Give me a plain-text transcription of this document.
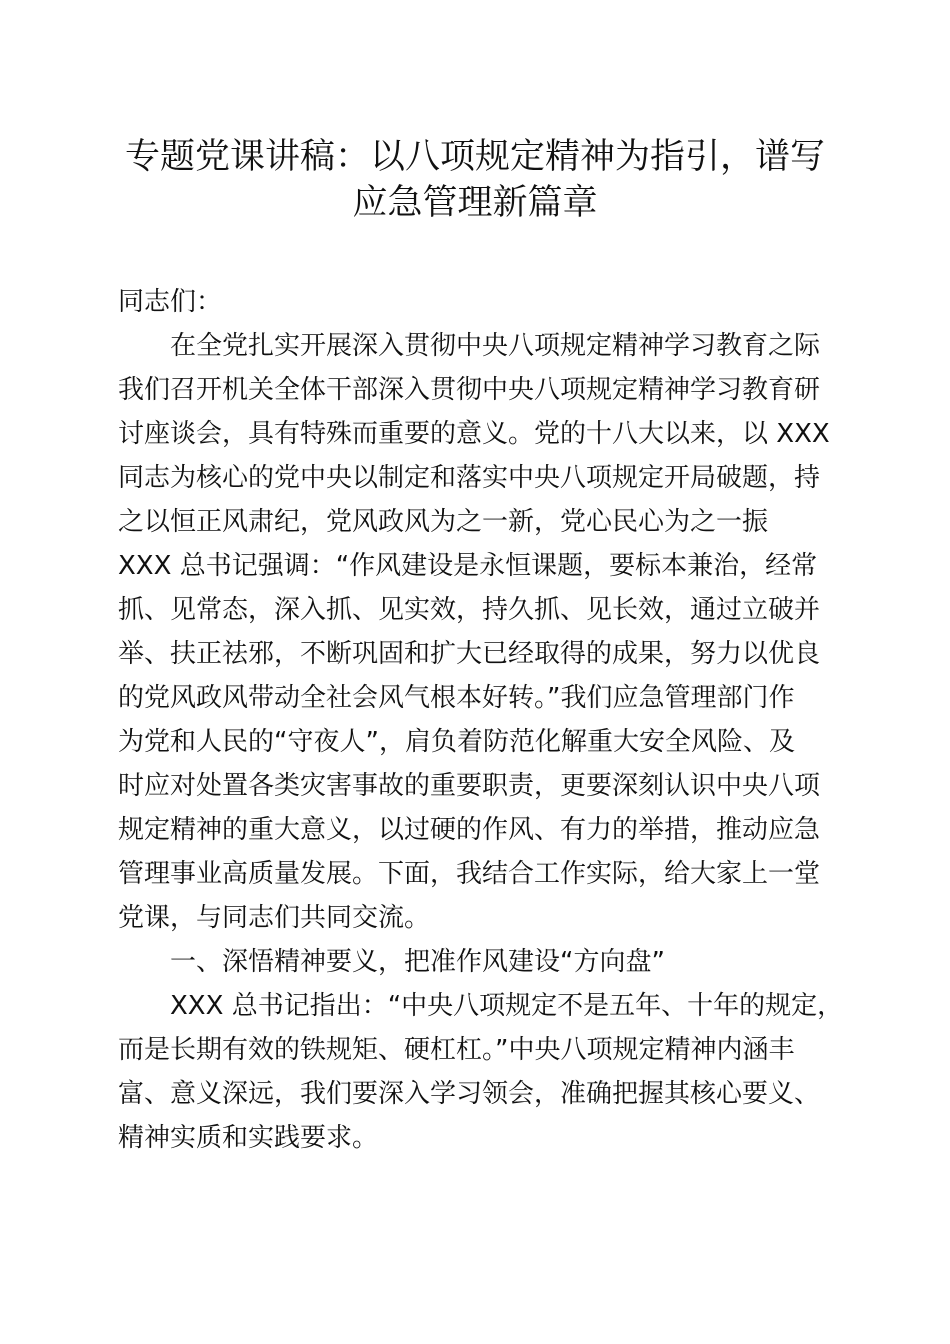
专题党课讲稿：以八项规定精神为指引，谱写
应急管理新篇章
同志们：
在全党扎实开展深入贯彻中央八项规定精神学习教育之际
我们召开机关全体干部深入贯彻中央八项规定精神学习教育研
讨座谈会，具有特殊而重要的意义。党的十八大以来，以 XXX
同志为核心的党中央以制定和落实中央八项规定开局破题，持
之以恒正风肃纪，党风政风为之一新，党心民心为之一振
XXX 总书记强调：“作风建设是永恒课题，要标本兼治，经常
抓、见常态，深入抓、见实效，持久抓、见长效，通过立破并
举、扶正祛邪，不断巩固和扩大已经取得的成果，努力以优良
的党风政风带动全社会风气根本好转。”我们应急管理部门作
为党和人民的“守夜人”，肩负着防范化解重大安全风险、及
时应对处置各类灾害事故的重要职责，更要深刻认识中央八项
规定精神的重大意义，以过硬的作风、有力的举措，推动应急
管理事业高质量发展。下面，我结合工作实际，给大家上一堂
党课，与同志们共同交流。
一、深悟精神要义，把准作风建设“方向盘”
XXX 总书记指出：“中央八项规定不是五年、十年的规定，
而是长期有效的铁规矩、硬杠杠。”中央八项规定精神内涵丰
富、意义深远，我们要深入学习领会，准确把握其核心要义、
精神实质和实践要求。
